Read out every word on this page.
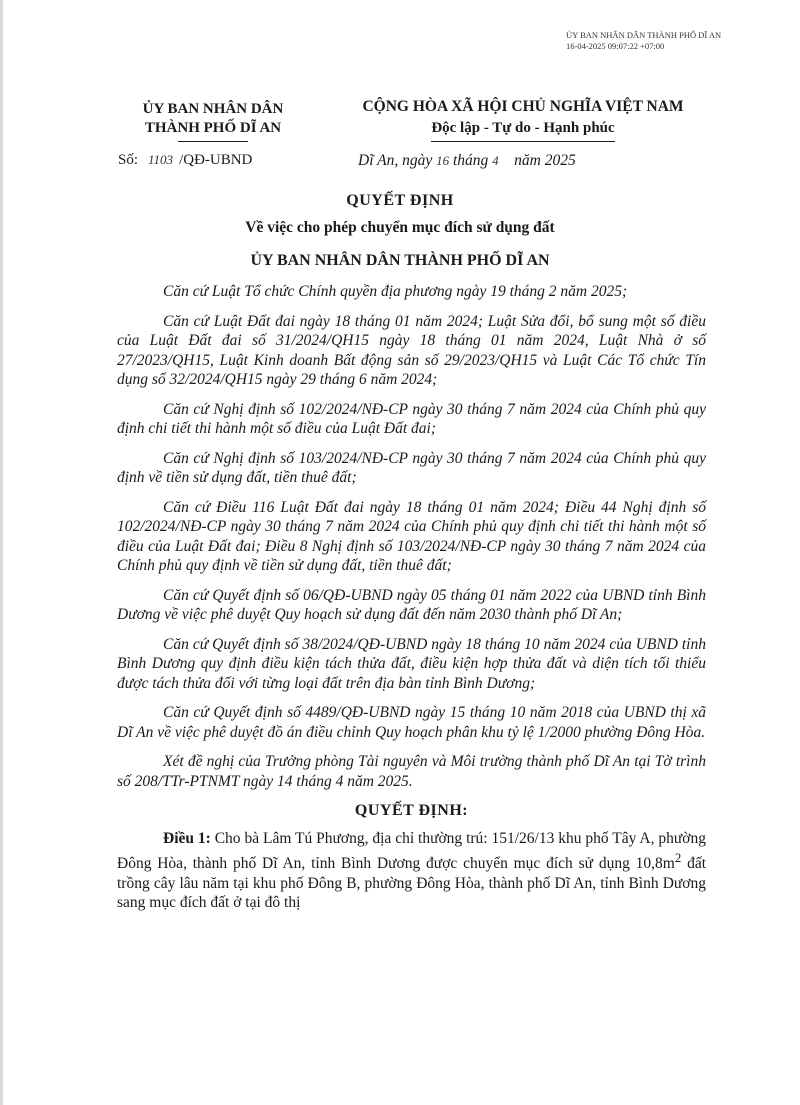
ỦY BAN NHÂN DÂN THÀNH PHỐ DĨ AN
16-04-2025 09:07:22 +07:00
ỦY BAN NHÂN DÂN
THÀNH PHỐ DĨ AN
CỘNG HÒA XÃ HỘI CHỦ NGHĨA VIỆT NAM
Độc lập - Tự do - Hạnh phúc
Số: 1103 /QĐ-UBND	Dĩ An, ngày 16 tháng 4 năm 2025
QUYẾT ĐỊNH
Về việc cho phép chuyển mục đích sử dụng đất
ỦY BAN NHÂN DÂN THÀNH PHỐ DĨ AN

Căn cứ Luật Tổ chức Chính quyền địa phương ngày 19 tháng 2 năm 2025;

Căn cứ Luật Đất đai ngày 18 tháng 01 năm 2024; Luật Sửa đổi, bổ sung một số điều của Luật Đất đai số 31/2024/QH15 ngày 18 tháng 01 năm 2024, Luật Nhà ở số 27/2023/QH15, Luật Kinh doanh Bất động sản số 29/2023/QH15 và Luật Các Tổ chức Tín dụng số 32/2024/QH15 ngày 29 tháng 6 năm 2024;

Căn cứ Nghị định số 102/2024/NĐ-CP ngày 30 tháng 7 năm 2024 của Chính phủ quy định chi tiết thi hành một số điều của Luật Đất đai;

Căn cứ Nghị định số 103/2024/NĐ-CP ngày 30 tháng 7 năm 2024 của Chính phủ quy định về tiền sử dụng đất, tiền thuê đất;

Căn cứ Điều 116 Luật Đất đai ngày 18 tháng 01 năm 2024; Điều 44 Nghị định số 102/2024/NĐ-CP ngày 30 tháng 7 năm 2024 của Chính phủ quy định chi tiết thi hành một số điều của Luật Đất đai; Điều 8 Nghị định số 103/2024/NĐ-CP ngày 30 tháng 7 năm 2024 của Chính phủ quy định về tiền sử dụng đất, tiền thuê đất;

Căn cứ Quyết định số 06/QĐ-UBND ngày 05 tháng 01 năm 2022 của UBND tỉnh Bình Dương về việc phê duyệt Quy hoạch sử dụng đất đến năm 2030 thành phố Dĩ An;

Căn cứ Quyết định số 38/2024/QĐ-UBND ngày 18 tháng 10 năm 2024 của UBND tỉnh Bình Dương quy định điều kiện tách thửa đất, điều kiện hợp thửa đất và diện tích tối thiểu được tách thửa đối với từng loại đất trên địa bàn tỉnh Bình Dương;

Căn cứ Quyết định số 4489/QĐ-UBND ngày 15 tháng 10 năm 2018 của UBND thị xã Dĩ An về việc phê duyệt đồ án điều chỉnh Quy hoạch phân khu tỷ lệ 1/2000 phường Đông Hòa.

Xét đề nghị của Trưởng phòng Tài nguyên và Môi trường thành phố Dĩ An tại Tờ trình số 208/TTr-PTNMT ngày 14 tháng 4 năm 2025.

QUYẾT ĐỊNH:

Điều 1: Cho bà Lâm Tú Phương, địa chỉ thường trú: 151/26/13 khu phố Tây A, phường Đông Hòa, thành phố Dĩ An, tỉnh Bình Dương được chuyển mục đích sử dụng $10,8m^2$ đất trồng cây lâu năm tại khu phố Đông B, phường Đông Hòa, thành phố Dĩ An, tỉnh Bình Dương sang mục đích đất ở tại đô thị
